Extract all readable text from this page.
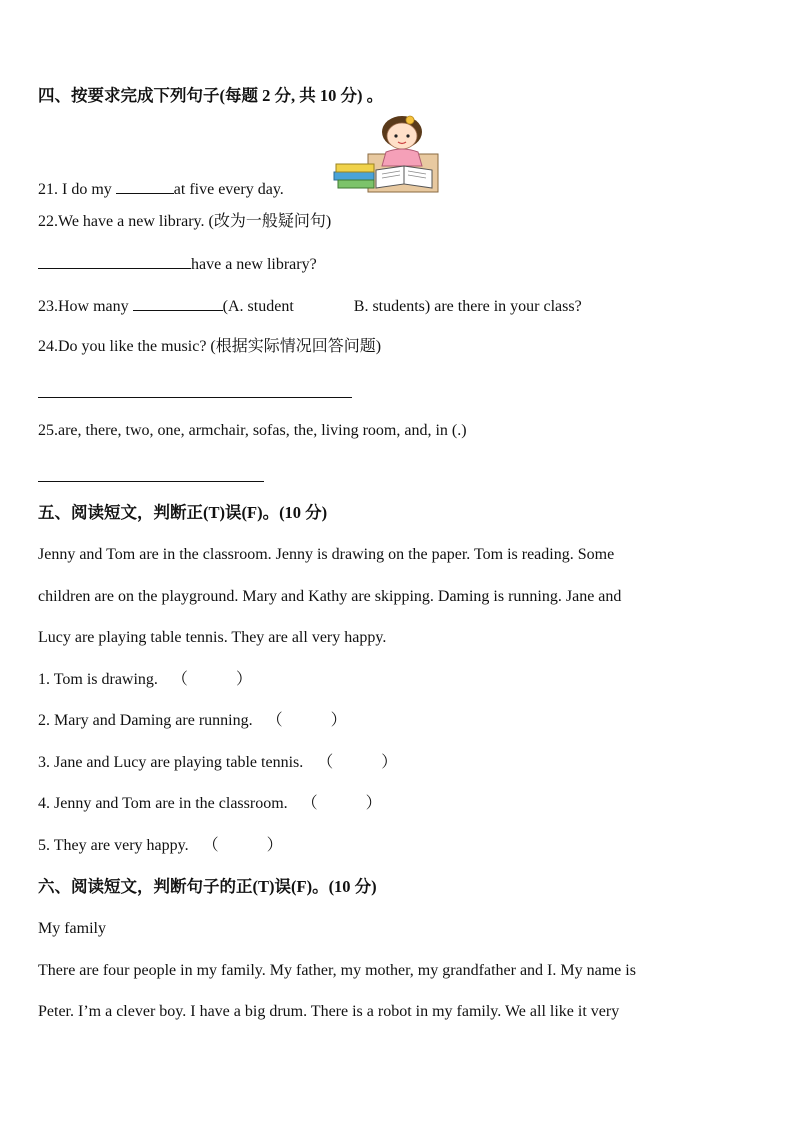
四、按要求完成下列句子(每题 2 分, 共 10 分) 。
21. I do my	at five every day.
22.We have a new library. (改为一般疑问句)
have a new library?
23.How many	(A. student	B. students) are there in your class?
24.Do you like the music? (根据实际情况回答问题)
25.are, there, two, one, armchair, sofas, the, living room, and, in (.)
五、阅读短文，判断正(T)误(F)。(10 分)
Jenny and Tom are in the classroom. Jenny is drawing on the paper. Tom is reading. Some
children are on the playground. Mary and Kathy are skipping. Daming is running. Jane and
Lucy are playing table tennis. They are all very happy.
1. Tom is drawing. （	）
2. Mary and Daming are running. （	）
3. Jane and Lucy are playing table tennis. （	）
4. Jenny and Tom are in the classroom. （	）
5. They are very happy. （	）
六、阅读短文，判断句子的正(T)误(F)。(10 分)
My family
There are four people in my family. My father, my mother, my grandfather and I. My name is
Peter. I’m a clever boy. I have a big drum. There is a robot in my family. We all like it very
